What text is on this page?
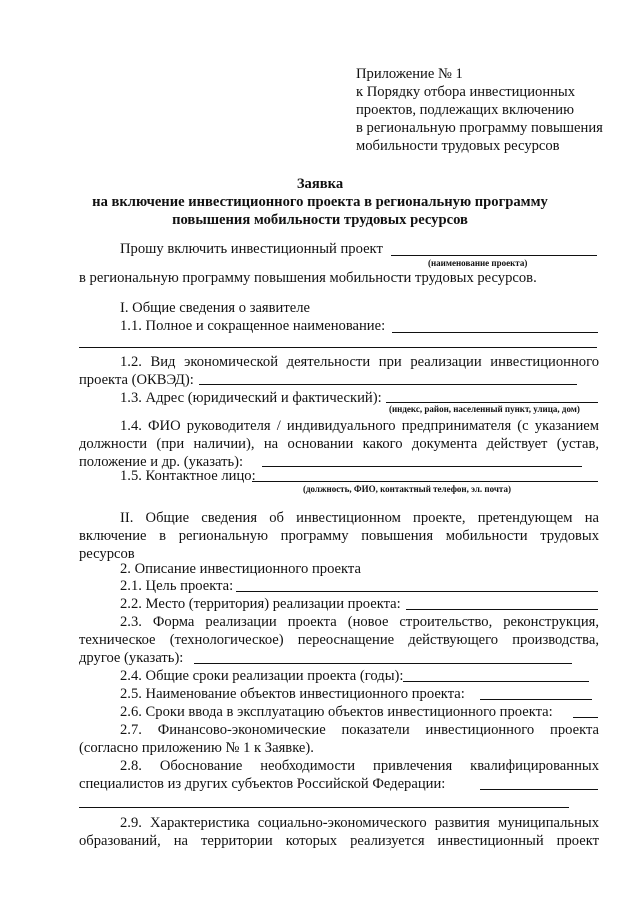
Приложение № 1
к Порядку отбора инвестиционных
проектов, подлежащих включению
в региональную программу повышения
мобильности трудовых ресурсов
Заявка
на включение инвестиционного проекта в региональную программу
повышения мобильности трудовых ресурсов
Прошу включить инвестиционный проект
(наименование проекта)
в региональную программу повышения мобильности трудовых ресурсов.
I. Общие сведения о заявителе
1.1. Полное и сокращенное наименование:
1.2. Вид экономической деятельности при реализации инвестиционного
проекта (ОКВЭД):
1.3. Адрес (юридический и фактический):
(индекс, район, населенный пункт, улица, дом)
1.4. ФИО руководителя / индивидуального предпринимателя (с указанием
должности (при наличии), на основании какого документа действует (устав,
положение и др. (указать):
1.5. Контактное лицо:
(должность, ФИО, контактный телефон, эл. почта)
II. Общие сведения об инвестиционном проекте, претендующем на
включение в региональную программу повышения мобильности трудовых
ресурсов
2. Описание инвестиционного проекта
2.1. Цель проекта:
2.2. Место (территория) реализации проекта:
2.3. Форма реализации проекта (новое строительство, реконструкция,
техническое (технологическое) переоснащение действующего производства,
другое (указать):
2.4. Общие сроки реализации проекта (годы):
2.5. Наименование объектов инвестиционного проекта:
2.6. Сроки ввода в эксплуатацию объектов инвестиционного проекта:
2.7. Финансово-экономические показатели инвестиционного проекта
(согласно приложению № 1 к Заявке).
2.8. Обоснование необходимости привлечения квалифицированных
специалистов из других субъектов Российской Федерации:
2.9. Характеристика социально-экономического развития муниципальных
образований, на территории которых реализуется инвестиционный проект
